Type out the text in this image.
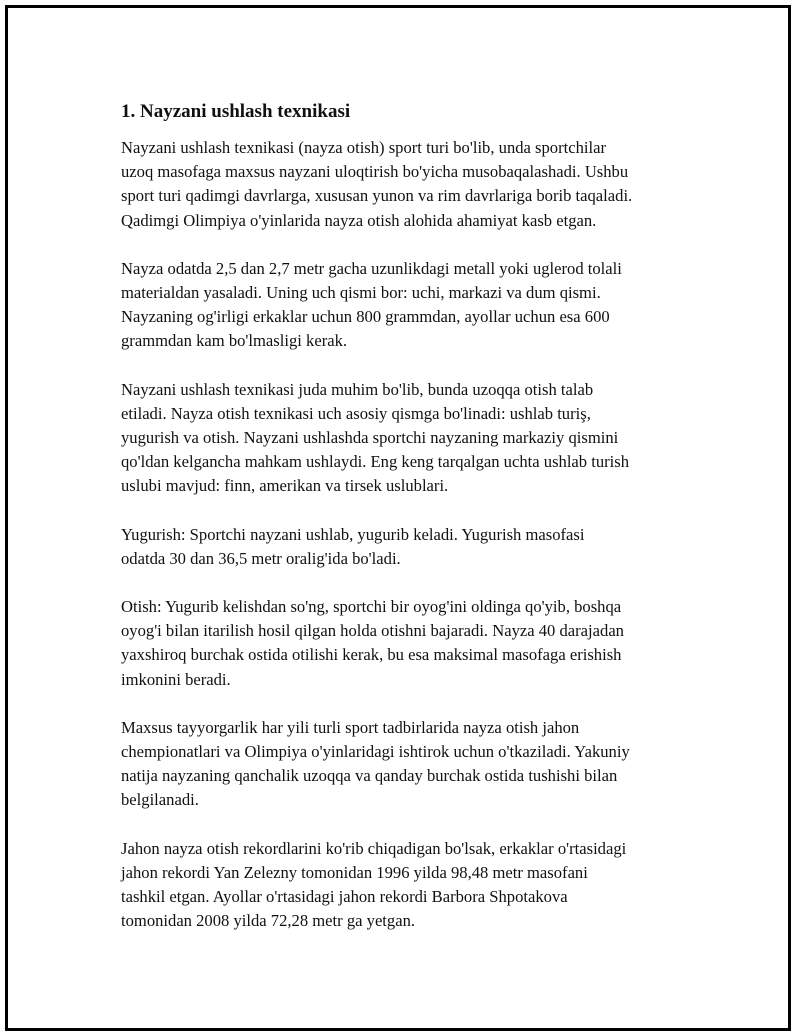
1. Nayzani ushlash texnikasi

Nayzani ushlash texnikasi (nayza otish) sport turi bo'lib, unda sportchilar
uzoq masofaga maxsus nayzani uloqtirish bo'yicha musobaqalashadi. Ushbu
sport turi qadimgi davrlarga, xususan yunon va rim davrlariga borib taqaladi.
Qadimgi Olimpiya o'yinlarida nayza otish alohida ahamiyat kasb etgan.

Nayza odatda 2,5 dan 2,7 metr gacha uzunlikdagi metall yoki uglerod tolali
materialdan yasaladi. Uning uch qismi bor: uchi, markazi va dum qismi.
Nayzaning og'irligi erkaklar uchun 800 grammdan, ayollar uchun esa 600
grammdan kam bo'lmasligi kerak.

Nayzani ushlash texnikasi juda muhim bo'lib, bunda uzoqqa otish talab
etiladi. Nayza otish texnikasi uch asosiy qismga bo'linadi: ushlab turiş,
yugurish va otish. Nayzani ushlashda sportchi nayzaning markaziy qismini
qo'ldan kelgancha mahkam ushlaydi. Eng keng tarqalgan uchta ushlab turish
uslubi mavjud: finn, amerikan va tirsek uslublari.

Yugurish: Sportchi nayzani ushlab, yugurib keladi. Yugurish masofasi
odatda 30 dan 36,5 metr oralig'ida bo'ladi.

Otish: Yugurib kelishdan so'ng, sportchi bir oyog'ini oldinga qo'yib, boshqa
oyog'i bilan itarilish hosil qilgan holda otishni bajaradi. Nayza 40 darajadan
yaxshiroq burchak ostida otilishi kerak, bu esa maksimal masofaga erishish
imkonini beradi.

Maxsus tayyorgarlik har yili turli sport tadbirlarida nayza otish jahon
chempionatlari va Olimpiya o'yinlaridagi ishtirok uchun o'tkaziladi. Yakuniy
natija nayzaning qanchalik uzoqqa va qanday burchak ostida tushishi bilan
belgilanadi.

Jahon nayza otish rekordlarini ko'rib chiqadigan bo'lsak, erkaklar o'rtasidagi
jahon rekordi Yan Zelezny tomonidan 1996 yilda 98,48 metr masofani
tashkil etgan. Ayollar o'rtasidagi jahon rekordi Barbora Shpotakova
tomonidan 2008 yilda 72,28 metr ga yetgan.
